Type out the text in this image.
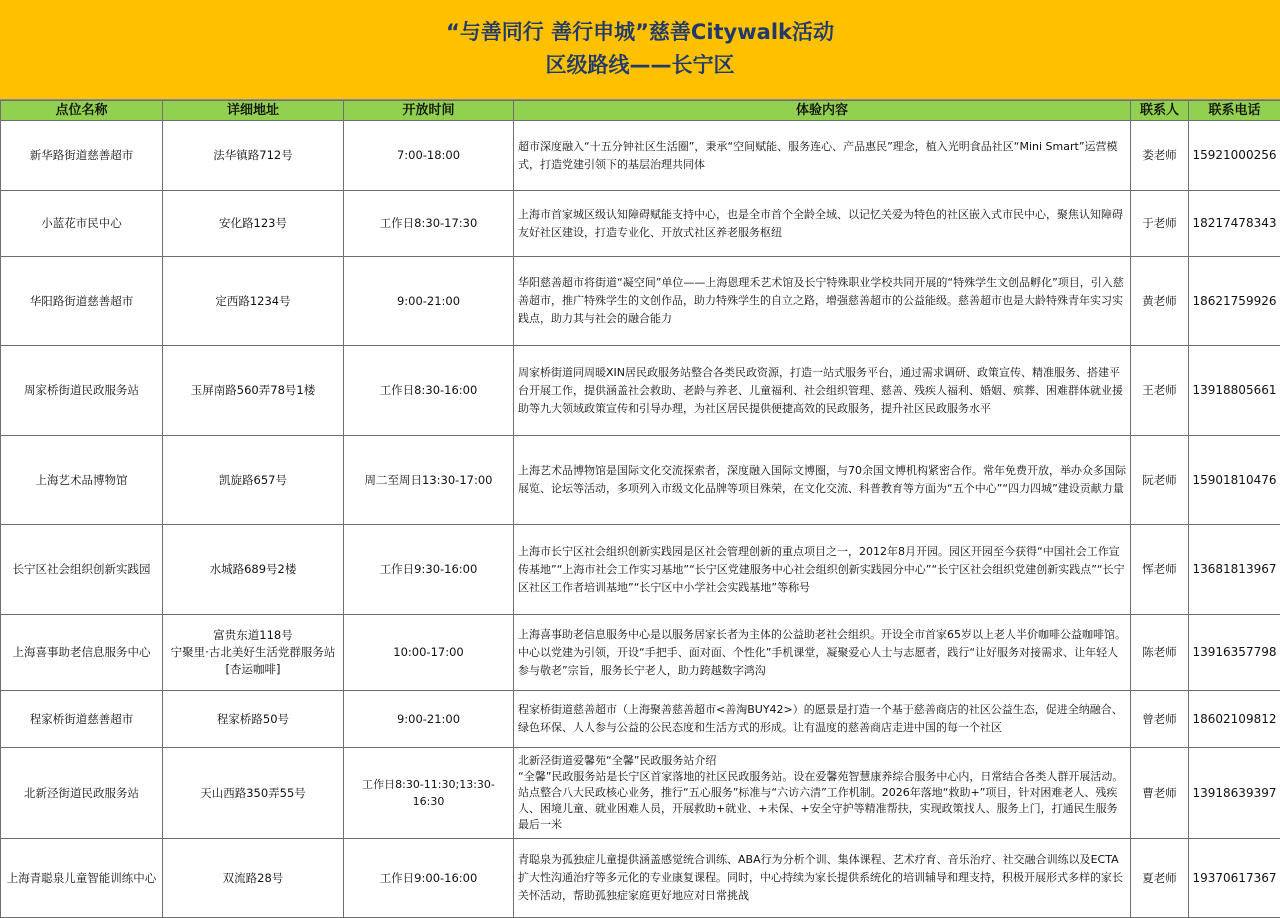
“与善同行 善行申城”慈善Citywalk活动
区级路线——长宁区
点位名称	详细地址	开放时间	体验内容	联系人	联系电话
新华路街道慈善超市	法华镇路712号	7:00-18:00	超市深度融入“十五分钟社区生活圈”，秉承“空间赋能、服务连心、产品惠民”理念，植入光明食品社区“Mini Smart”运营模式，打造党建引领下的基层治理共同体	娄老师	15921000256
小蓝花市民中心	安化路123号	工作日8:30-17:30	上海市首家城区级认知障碍赋能支持中心，也是全市首个全龄全域、以记忆关爱为特色的社区嵌入式市民中心，聚焦认知障碍友好社区建设，打造专业化、开放式社区养老服务枢纽	于老师	18217478343
华阳路街道慈善超市	定西路1234号	9:00-21:00	华阳慈善超市将街道“凝空间”单位——上海恩理禾艺术馆及长宁特殊职业学校共同开展的“特殊学生文创品孵化”项目，引入慈善超市，推广特殊学生的文创作品，助力特殊学生的自立之路，增强慈善超市的公益能级。慈善超市也是大龄特殊青年实习实践点，助力其与社会的融合能力	黄老师	18621759926
周家桥街道民政服务站	玉屏南路560弄78号1楼	工作日8:30-16:00	周家桥街道同周暖XIN居民政服务站整合各类民政资源，打造一站式服务平台，通过需求调研、政策宣传、精准服务、搭建平台开展工作，提供涵盖社会救助、老龄与养老、儿童福利、社会组织管理、慈善、残疾人福利、婚姻、殡葬、困难群体就业援助等九大领域政策宣传和引导办理，为社区居民提供便捷高效的民政服务，提升社区民政服务水平	王老师	13918805661
上海艺术品博物馆	凯旋路657号	周二至周日13:30-17:00	上海艺术品博物馆是国际文化交流探索者，深度融入国际文博圈，与70余国文博机构紧密合作。常年免费开放，举办众多国际展览、论坛等活动，多项列入市级文化品牌等项目殊荣，在文化交流、科普教育等方面为“五个中心”“四力四城”建设贡献力量	阮老师	15901810476
长宁区社会组织创新实践园	水城路689号2楼	工作日9:30-16:00	上海市长宁区社会组织创新实践园是区社会管理创新的重点项目之一，2012年8月开园。园区开园至今获得“中国社会工作宣传基地”“上海市社会工作实习基地”“长宁区党建服务中心社会组织创新实践园分中心”“长宁区社会组织党建创新实践点”“长宁区社区工作者培训基地”“长宁区中小学社会实践基地”等称号	恽老师	13681813967
上海喜事助老信息服务中心	富贵东道118号
宁聚里·古北美好生活党群服务站
[杏运咖啡]	10:00-17:00	上海喜事助老信息服务中心是以服务居家长者为主体的公益助老社会组织。开设全市首家65岁以上老人半价咖啡公益咖啡馆。中心以党建为引领，开设“手把手、面对面、个性化”手机课堂，凝聚爱心人士与志愿者，践行“让好服务对接需求、让年轻人参与敬老”宗旨，服务长宁老人，助力跨越数字鸿沟	陈老师	13916357798
程家桥街道慈善超市	程家桥路50号	9:00-21:00	程家桥街道慈善超市（上海聚善慈善超市<善淘BUY42>）的愿景是打造一个基于慈善商店的社区公益生态，促进全纳融合、绿色环保、人人参与公益的公民态度和生活方式的形成。让有温度的慈善商店走进中国的每一个社区	曾老师	18602109812
北新泾街道民政服务站	天山西路350弄55号	工作日8:30-11:30;13:30-16:30	北新泾街道爱馨苑“全馨”民政服务站介绍
“全馨”民政服务站是长宁区首家落地的社区民政服务站。设在爱馨苑智慧康养综合服务中心内，日常结合各类人群开展活动。站点整合八大民政核心业务，推行“五心服务”标准与“六访六清”工作机制。2026年落地“救助+”项目，针对困难老人、残疾人、困境儿童、就业困难人员，开展救助+就业、+未保、+安全守护等精准帮扶，实现政策找人、服务上门，打通民生服务最后一米	曹老师	13918639397
上海青聪泉儿童智能训练中心	双流路28号	工作日9:00-16:00	青聪泉为孤独症儿童提供涵盖感觉统合训练、ABA行为分析个训、集体课程、艺术疗育、音乐治疗、社交融合训练以及ECTA扩大性沟通治疗等多元化的专业康复课程。同时，中心持续为家长提供系统化的培训辅导和理支持，积极开展形式多样的家长关怀活动，帮助孤独症家庭更好地应对日常挑战	夏老师	19370617367
